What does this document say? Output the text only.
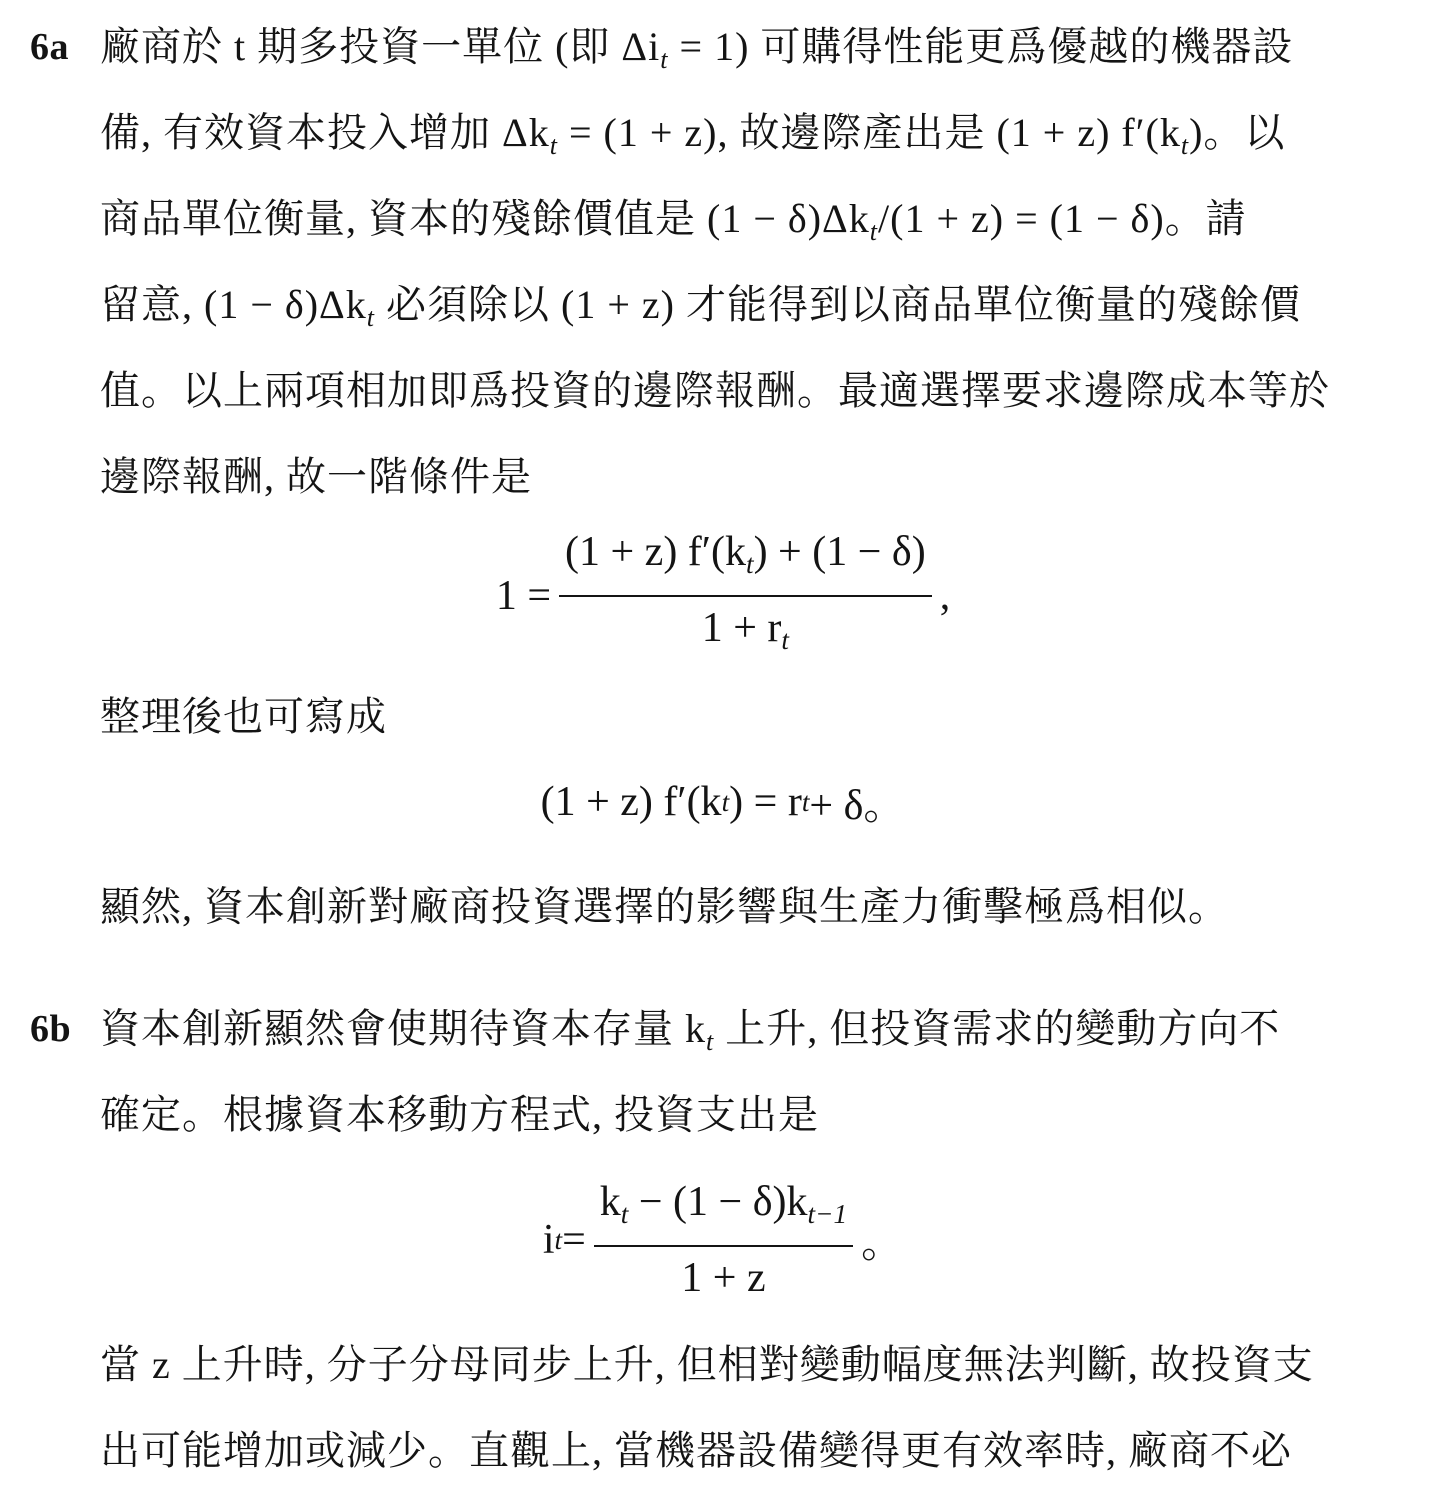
6a 廠商於 t 期多投資一單位 (即 $\Delta i_t = 1$) 可購得性能更爲優越的機器設
備, 有效資本投入增加 $\Delta k_t = (1 + z)$, 故邊際產出是 (1 + z) $f'(k_t)$。以
商品單位衡量, 資本的殘餘價值是 $(1 - \delta)\Delta k_t/(1 + z) = (1 - \delta)$。請
留意, $(1 - \delta)\Delta k_t$ 必須除以 (1 + z) 才能得到以商品單位衡量的殘餘價
值。以上兩項相加即爲投資的邊際報酬。最適選擇要求邊際成本等於
邊際報酬, 故一階條件是
$1 = \frac{(1 + z) f'(k_t) + (1 - \delta)}{1 + r_t}$ ,
整理後也可寫成
(1 + z) f′(k t ) = r t + δ。
顯然, 資本創新對廠商投資選擇的影響與生產力衝擊極爲相似。
6b 資本創新顯然會使期待資本存量 $k_t$ 上升, 但投資需求的變動方向不
確定。根據資本移動方程式, 投資支出是
i $t = \frac{k_t - (1 - \delta)k_{t-1}}{1 + z}$ 。
當 z 上升時, 分子分母同步上升, 但相對變動幅度無法判斷, 故投資支
出可能增加或減少。直觀上, 當機器設備變得更有效率時, 廠商不必
